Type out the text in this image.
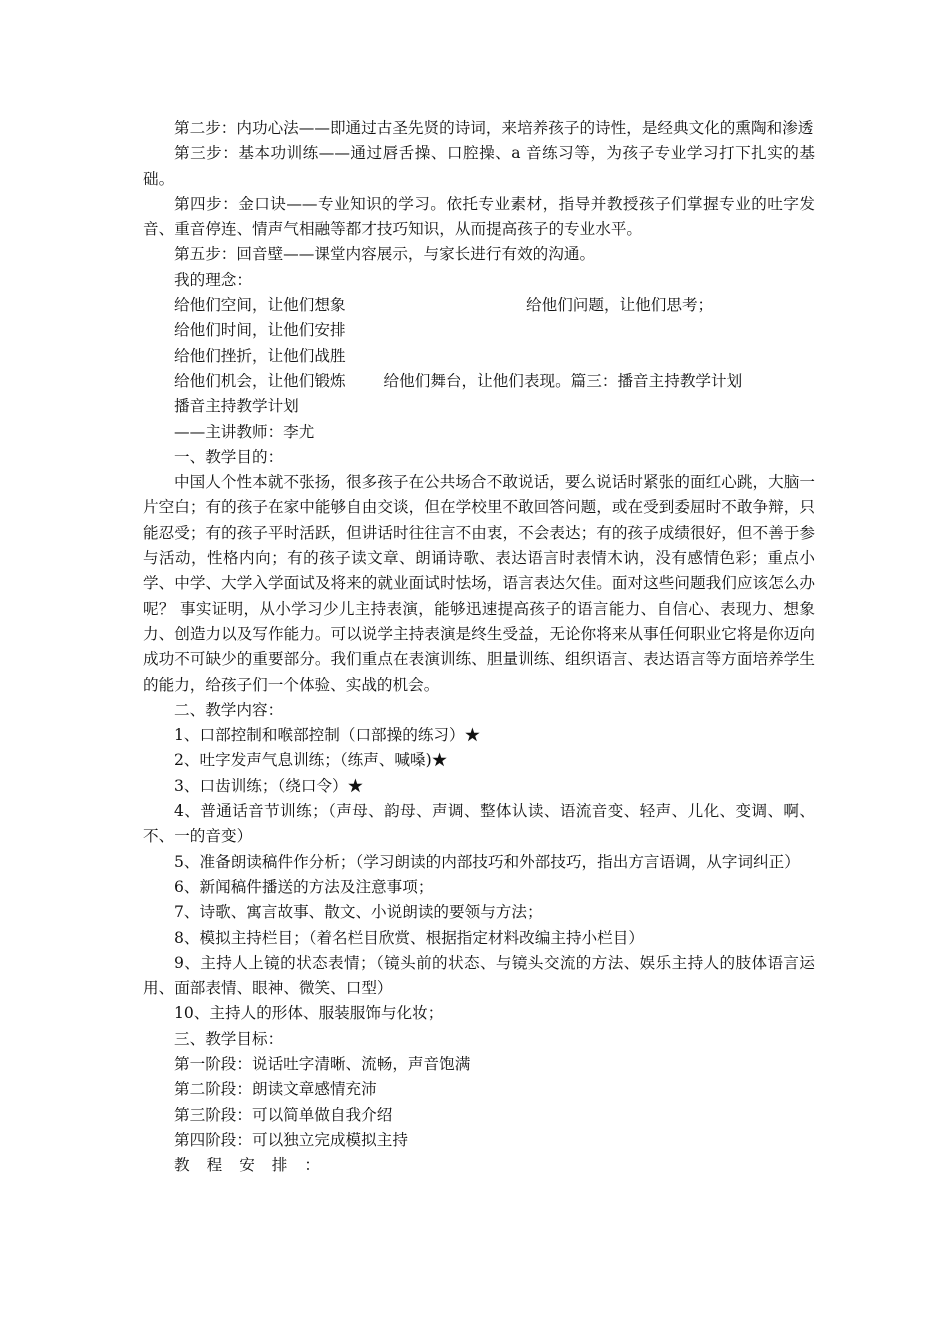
第二步：内功心法——即通过古圣先贤的诗词，来培养孩子的诗性，是经典文化的熏陶和渗透

第三步：基本功训练——通过唇舌操、口腔操、a 音练习等，为孩子专业学习打下扎实的基础。

第四步：金口诀——专业知识的学习。依托专业素材，指导并教授孩子们掌握专业的吐字发音、重音停连、情声气相融等都才技巧知识，从而提高孩子的专业水平。

第五步：回音壁——课堂内容展示，与家长进行有效的沟通。

我的理念：

给他们空间，让他们想象	给他们问题，让他们思考；

给他们时间，让他们安排

给他们挫折，让他们战胜

给他们机会，让他们锻炼 给他们舞台，让他们表现。篇三：播音主持教学计划

播音主持教学计划

——主讲教师：李尤

一、教学目的：

中国人个性本就不张扬，很多孩子在公共场合不敢说话，要么说话时紧张的面红心跳，大脑一片空白；有的孩子在家中能够自由交谈，但在学校里不敢回答问题，或在受到委屈时不敢争辩，只能忍受；有的孩子平时活跃，但讲话时往往言不由衷，不会表达；有的孩子成绩很好，但不善于参与活动，性格内向；有的孩子读文章、朗诵诗歌、表达语言时表情木讷，没有感情色彩；重点小学、中学、大学入学面试及将来的就业面试时怯场，语言表达欠佳。面对这些问题我们应该怎么办呢？ 事实证明，从小学习少儿主持表演，能够迅速提高孩子的语言能力、自信心、表现力、想象力、创造力以及写作能力。可以说学主持表演是终生受益，无论你将来从事任何职业它将是你迈向成功不可缺少的重要部分。我们重点在表演训练、胆量训练、组织语言、表达语言等方面培养学生的能力，给孩子们一个体验、实战的机会。

二、教学内容：

1、口部控制和喉部控制（口部操的练习）★

2、吐字发声气息训练；（练声、喊嗓)★

3、口齿训练；（绕口令）★

4、普通话音节训练；（声母、韵母、声调、整体认读、语流音变、轻声、儿化、变调、啊、不、一的音变）

5、准备朗读稿件作分析；（学习朗读的内部技巧和外部技巧，指出方言语调，从字词纠正）

6、新闻稿件播送的方法及注意事项；

7、诗歌、寓言故事、散文、小说朗读的要领与方法；

8、模拟主持栏目；（着名栏目欣赏、根据指定材料改编主持小栏目）

9、主持人上镜的状态表情；（镜头前的状态、与镜头交流的方法、娱乐主持人的肢体语言运用、面部表情、眼神、微笑、口型）

10、主持人的形体、服装服饰与化妆；

三、教学目标：

第一阶段：说话吐字清晰、流畅，声音饱满

第二阶段：朗读文章感情充沛

第三阶段：可以简单做自我介绍

第四阶段：可以独立完成模拟主持

教程安排：
